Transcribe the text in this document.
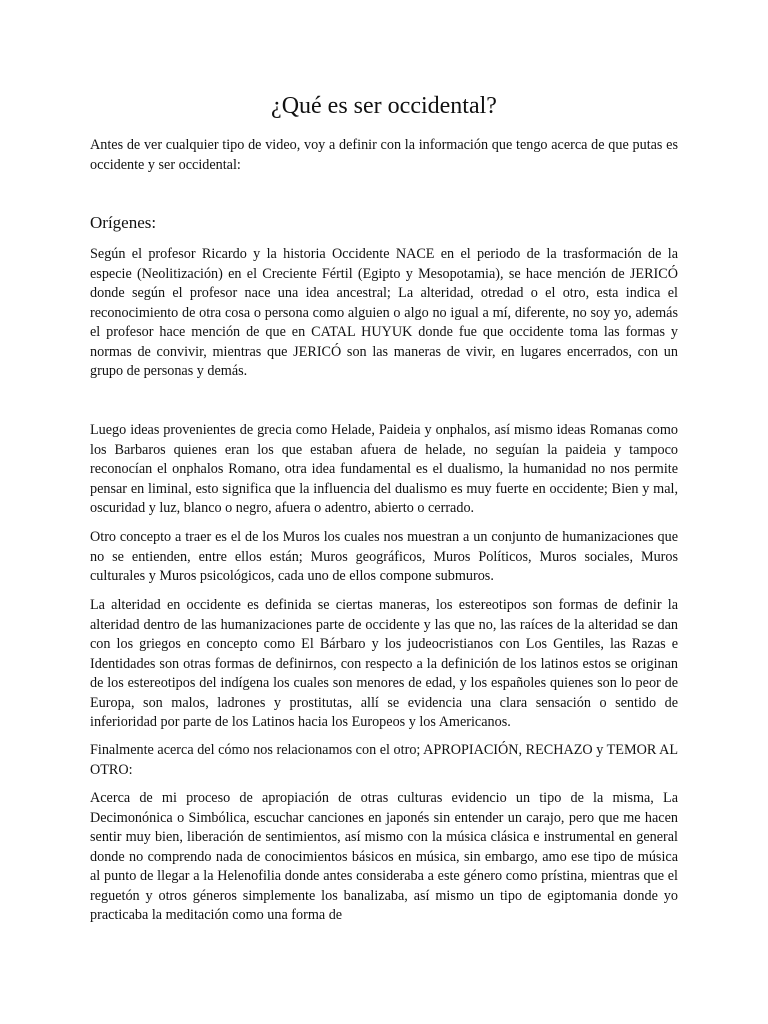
¿Qué es ser occidental?

Antes de ver cualquier tipo de video, voy a definir con la información que tengo acerca de que putas es occidente y ser occidental:

Orígenes:

Según el profesor Ricardo y la historia Occidente NACE en el periodo de la trasformación de la especie (Neolitización) en el Creciente Fértil (Egipto y Mesopotamia), se hace mención de JERICÓ donde según el profesor nace una idea ancestral; La alteridad, otredad o el otro, esta indica el reconocimiento de otra cosa o persona como alguien o algo no igual a mí, diferente, no soy yo, además el profesor hace mención de que en CATAL HUYUK donde fue que occidente toma las formas y normas de convivir, mientras que JERICÓ son las maneras de vivir, en lugares encerrados, con un grupo de personas y demás.

Luego ideas provenientes de grecia como Helade, Paideia y onphalos, así mismo ideas Romanas como los Barbaros quienes eran los que estaban afuera de helade, no seguían la paideia y tampoco reconocían el onphalos Romano, otra idea fundamental es el dualismo, la humanidad no nos permite pensar en liminal, esto significa que la influencia del dualismo es muy fuerte en occidente; Bien y mal, oscuridad y luz, blanco o negro, afuera o adentro, abierto o cerrado.

Otro concepto a traer es el de los Muros los cuales nos muestran a un conjunto de humanizaciones que no se entienden, entre ellos están; Muros geográficos, Muros Políticos, Muros sociales, Muros culturales y Muros psicológicos, cada uno de ellos compone submuros.

La alteridad en occidente es definida se ciertas maneras, los estereotipos son formas de definir la alteridad dentro de las humanizaciones parte de occidente y las que no, las raíces de la alteridad se dan con los griegos en concepto como El Bárbaro y los judeocristianos con Los Gentiles, las Razas e Identidades son otras formas de definirnos, con respecto a la definición de los latinos estos se originan de los estereotipos del indígena los cuales son menores de edad, y los españoles quienes son lo peor de Europa, son malos, ladrones y prostitutas, allí se evidencia una clara sensación o sentido de inferioridad por parte de los Latinos hacia los Europeos y los Americanos.

Finalmente acerca del cómo nos relacionamos con el otro; APROPIACIÓN, RECHAZO y TEMOR AL OTRO:

Acerca de mi proceso de apropiación de otras culturas evidencio un tipo de la misma, La Decimonónica o Simbólica, escuchar canciones en japonés sin entender un carajo, pero que me hacen sentir muy bien, liberación de sentimientos, así mismo con la música clásica e instrumental en general donde no comprendo nada de conocimientos básicos en música, sin embargo, amo ese tipo de música al punto de llegar a la Helenofilia donde antes consideraba a este género como prístina, mientras que el reguetón y otros géneros simplemente los banalizaba, así mismo un tipo de egiptomania donde yo practicaba la meditación como una forma de
